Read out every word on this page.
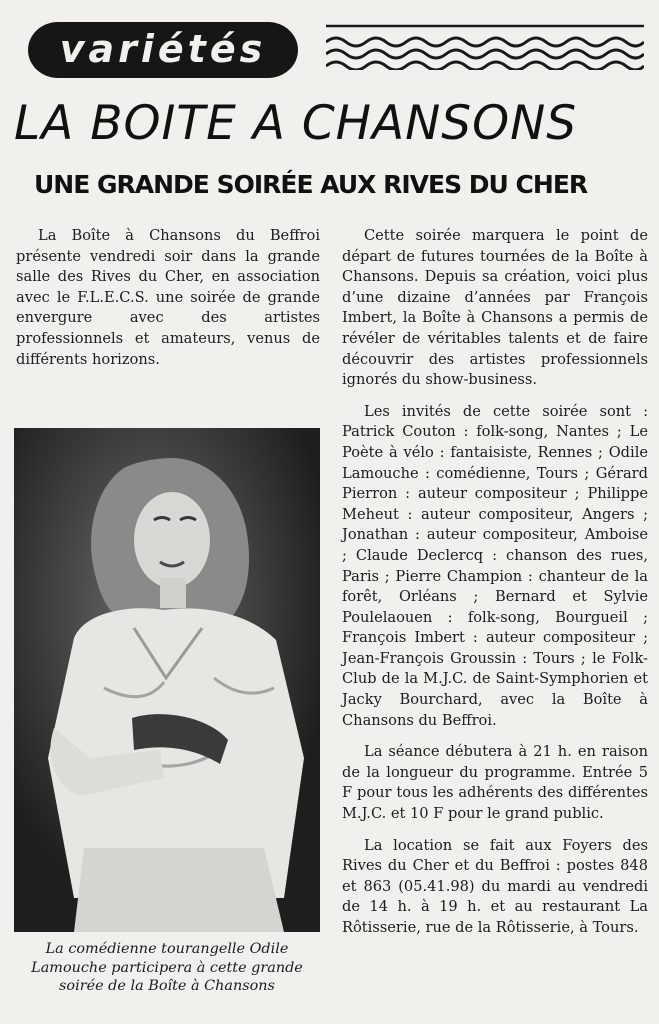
variétés
LA BOITE A CHANSONS
UNE GRANDE SOIRÉE AUX RIVES DU CHER

La Boîte à Chansons du Beffroi présente vendredi soir dans la grande salle des Rives du Cher, en association avec le F.L.E.C.S. une soirée de grande envergure avec des artistes professionnels et amateurs, venus de différents horizons.

La comédienne tourangelle Odile Lamouche participera à cette grande soirée de la Boîte à Chansons

Cette soirée marquera le point de départ de futures tournées de la Boîte à Chansons. Depuis sa création, voici plus d’une dizaine d’années par François Imbert, la Boîte à Chansons a permis de révéler de véritables talents et de faire découvrir des artistes professionnels ignorés du show-business.

Les invités de cette soirée sont : Patrick Couton : folk-song, Nantes ; Le Poète à vélo : fantaisiste, Rennes ; Odile Lamouche : comédienne, Tours ; Gérard Pierron : auteur compositeur ; Philippe Meheut : auteur compositeur, Angers ; Jonathan : auteur compositeur, Amboise ; Claude Declercq : chanson des rues, Paris ; Pierre Champion : chanteur de la forêt, Orléans ; Bernard et Sylvie Poulelaouen : folk-song, Bourgueil ; François Imbert : auteur compositeur ; Jean-François Groussin : Tours ; le Folk-Club de la M.J.C. de Saint-Symphorien et Jacky Bourchard, avec la Boîte à Chansons du Beffroi.

La séance débutera à 21 h. en raison de la longueur du programme. Entrée 5 F pour tous les adhérents des différentes M.J.C. et 10 F pour le grand public.

La location se fait aux Foyers des Rives du Cher et du Beffroi : postes 848 et 863 (05.41.98) du mardi au vendredi de 14 h. à 19 h. et au restaurant La Rôtisserie, rue de la Rôtisserie, à Tours.
